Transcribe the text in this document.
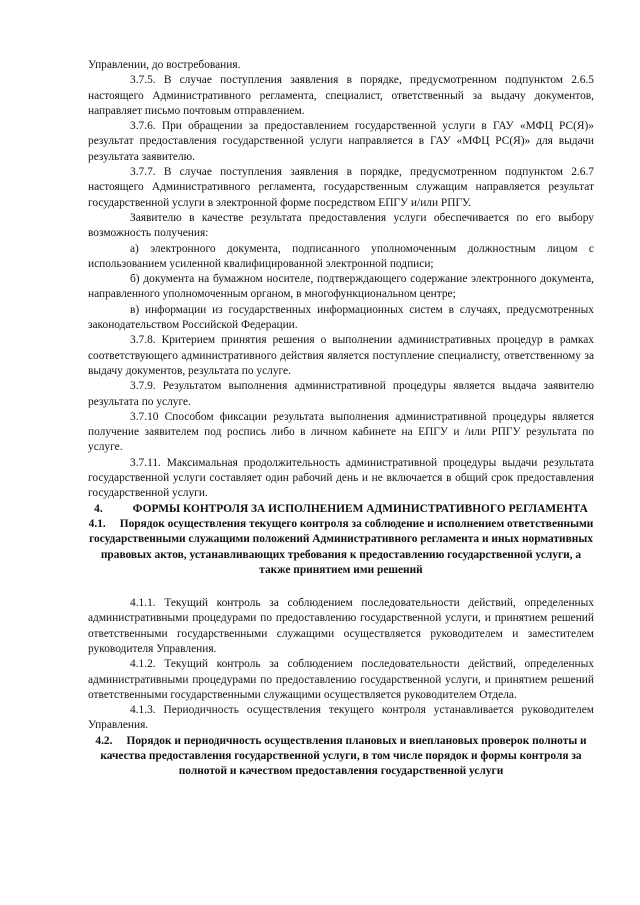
Управлении, до востребования.

3.7.5. В случае поступления заявления в порядке, предусмотренном подпунктом 2.6.5 настоящего Административного регламента, специалист, ответственный за выдачу документов, направляет письмо почтовым отправлением.

3.7.6. При обращении за предоставлением государственной услуги в ГАУ «МФЦ РС(Я)» результат предоставления государственной услуги направляется в ГАУ «МФЦ РС(Я)» для выдачи результата заявителю.

3.7.7. В случае поступления заявления в порядке, предусмотренном подпунктом 2.6.7 настоящего Административного регламента, государственным служащим направляется результат государственной услуги в электронной форме посредством ЕПГУ и/или РПГУ.

Заявителю в качестве результата предоставления услуги обеспечивается по его выбору возможность получения:

а) электронного документа, подписанного уполномоченным должностным лицом с использованием усиленной квалифицированной электронной подписи;

б) документа на бумажном носителе, подтверждающего содержание электронного документа, направленного уполномоченным органом, в многофункциональном центре;

в) информации из государственных информационных систем в случаях, предусмотренных законодательством Российской Федерации.

3.7.8. Критерием принятия решения о выполнении административных процедур в рамках соответствующего административного действия является поступление специалисту, ответственному за выдачу документов, результата по услуге.

3.7.9. Результатом выполнения административной процедуры является выдача заявителю результата по услуге.

3.7.10 Способом фиксации результата выполнения административной процедуры является получение заявителем под роспись либо в личном кабинете на ЕПГУ и /или РПГУ результата по услуге.

3.7.11. Максимальная продолжительность административной процедуры выдачи результата государственной услуги составляет один рабочий день и не включается в общий срок предоставления государственной услуги.

4.	ФОРМЫ КОНТРОЛЯ ЗА ИСПОЛНЕНИЕМ АДМИНИСТРАТИВНОГО РЕГЛАМЕНТА

4.1. Порядок осуществления текущего контроля за соблюдение и исполнением ответственными государственными служащими положений Административного регламента и иных нормативных правовых актов, устанавливающих требования к предоставлению государственной услуги, а также принятием ими решений

4.1.1. Текущий контроль за соблюдением последовательности действий, определенных административными процедурами по предоставлению государственной услуги, и принятием решений ответственными государственными служащими осуществляется руководителем и заместителем руководителя Управления.

4.1.2. Текущий контроль за соблюдением последовательности действий, определенных административными процедурами по предоставлению государственной услуги, и принятием решений ответственными государственными служащими осуществляется руководителем Отдела.

4.1.3. Периодичность осуществления текущего контроля устанавливается руководителем Управления.

4.2. Порядок и периодичность осуществления плановых и внеплановых проверок полноты и качества предоставления государственной услуги, в том числе порядок и формы контроля за полнотой и качеством предоставления государственной услуги
